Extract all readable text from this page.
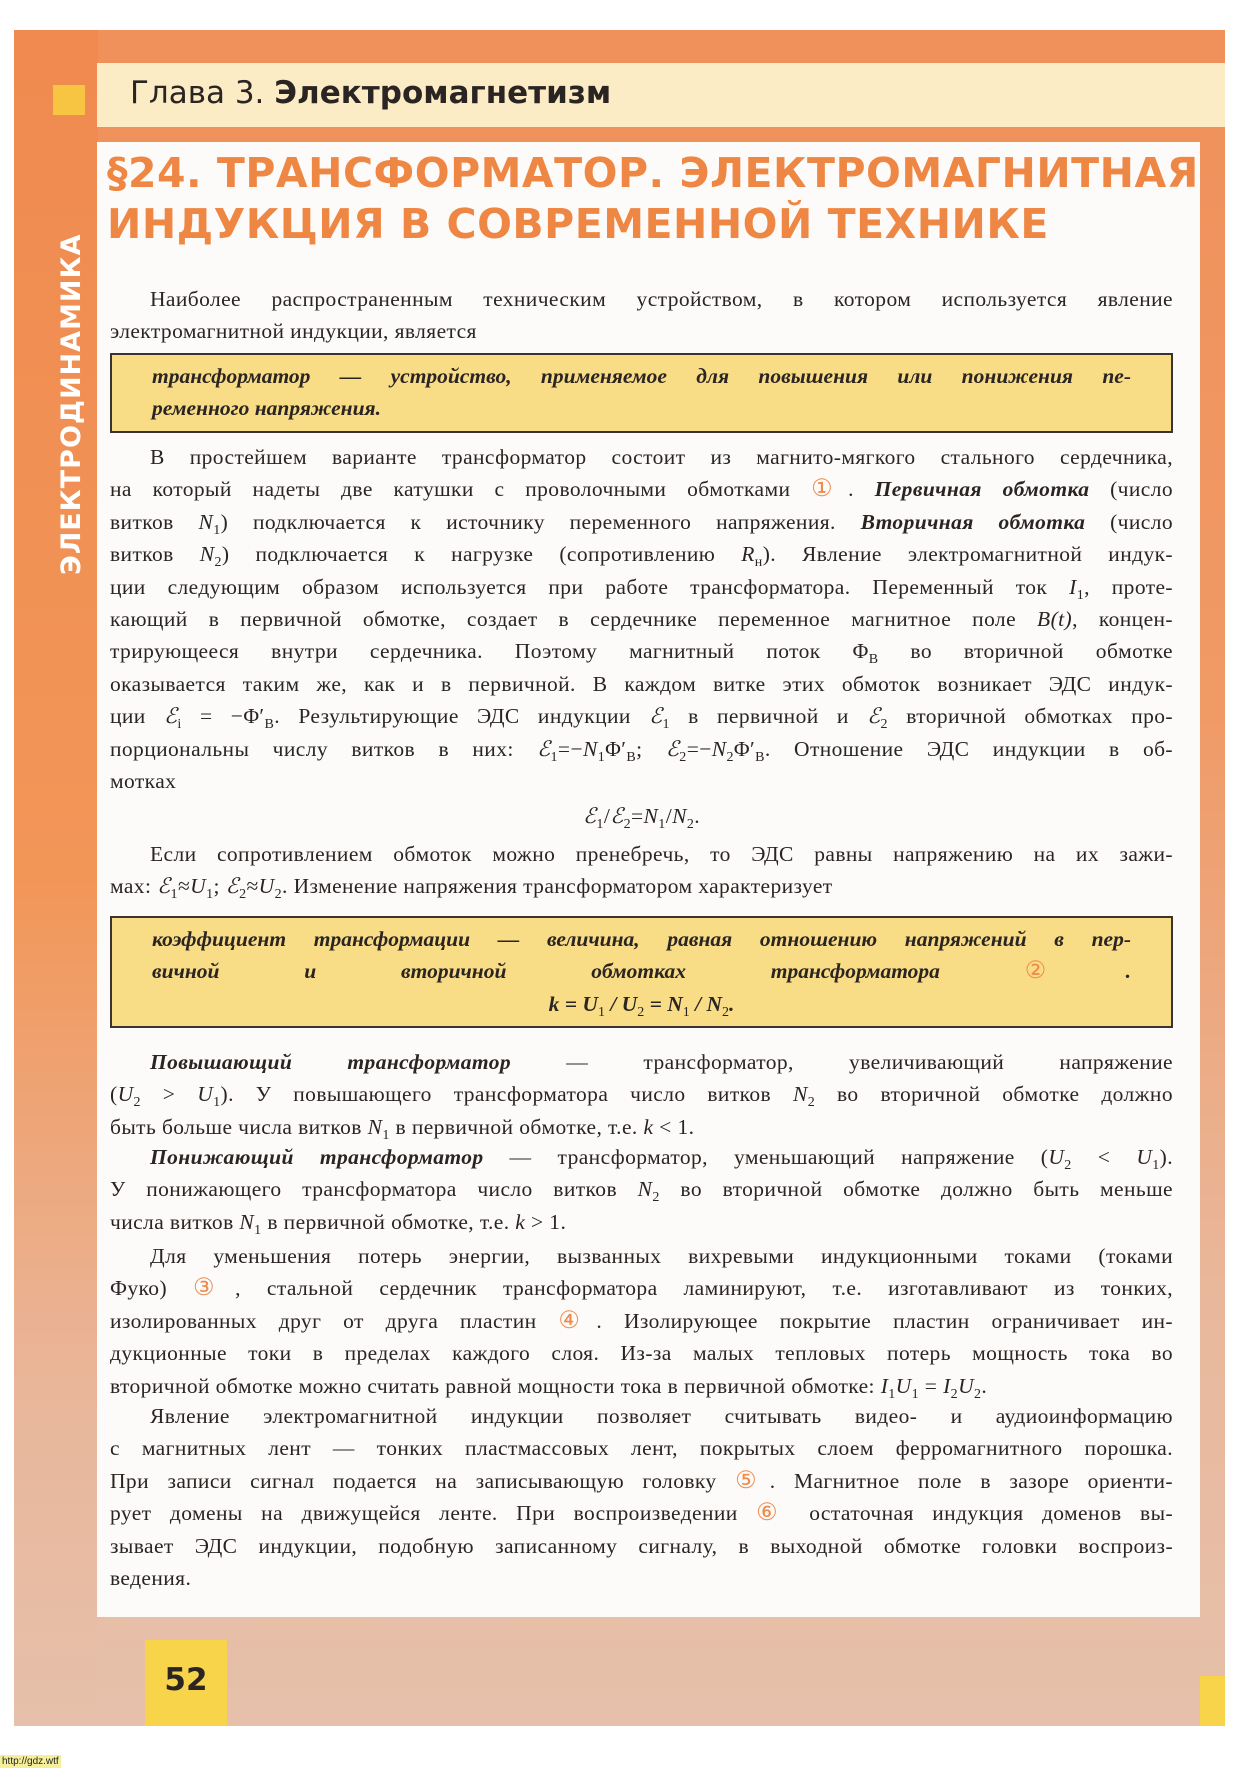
ЭЛЕКТРОДИНАМИКА
Глава 3. Электромагнетизм
§24. ТРАНСФОРМАТОР. ЭЛЕКТРОМАГНИТНАЯ
ИНДУКЦИЯ В СОВРЕМЕННОЙ ТЕХНИКЕ
Наиболее распространенным техническим устройством, в котором используется явление
электромагнитной индукции, является
трансформатор — устройство, применяемое для повышения или понижения пе-
ременного напряжения.
В простейшем варианте трансформатор состоит из магнито-мягкого стального сердечника,
на который надеты две катушки с проволочными обмотками ①. Первичная обмотка (число
витков $N_1$) подключается к источнику переменного напряжения. Вторичная обмотка (число
витков $N_2$) подключается к нагрузке (сопротивлению $R_н$). Явление электромагнитной индук-
ции следующим образом используется при работе трансформатора. Переменный ток $I_1$, проте-
кающий в первичной обмотке, создает в сердечнике переменное магнитное поле B(t), концен-
трирующееся внутри сердечника. Поэтому магнитный поток $\Phi_B$ во вторичной обмотке
оказывается таким же, как и в первичной. В каждом витке этих обмоток возникает ЭДС индук-
ции ℰ$_i$ = $-\Phi'_B$. Результирующие ЭДС индукции ℰ$_1$ в первичной и ℰ$_2$ вторичной обмотках про-
порциональны числу витков в них: $ℰ_1=-N_1\Phi'_B$; $ℰ_2=-N_2\Phi'_B$. Отношение ЭДС индукции в об-
мотках
$ℰ_1/ℰ_2=N_1/N_2$.
Если сопротивлением обмоток можно пренебречь, то ЭДС равны напряжению на их зажи-
мах: $ℰ_1\approx U_1$; $ℰ_2\approx U_2$. Изменение напряжения трансформатором характеризует
коэффициент трансформации — величина, равная отношению напряжений в пер-
вичной и вторичной обмотках трансформатора ②.
$k = U_1 / U_2 = N_1 / N_2$.
Повышающий трансформатор — трансформатор, увеличивающий напряжение
$(U_2 > U_1)$. У повышающего трансформатора число витков $N_2$ во вторичной обмотке должно
быть больше числа витков $N_1$ в первичной обмотке, т.е. k < 1.
Понижающий трансформатор — трансформатор, уменьшающий напряжение $(U_2 < U_1)$.
У понижающего трансформатора число витков $N_2$ во вторичной обмотке должно быть меньше
числа витков $N_1$ в первичной обмотке, т.е. k > 1.
Для уменьшения потерь энергии, вызванных вихревыми индукционными токами (токами
Фуко) ③, стальной сердечник трансформатора ламинируют, т.е. изготавливают из тонких,
изолированных друг от друга пластин ④. Изолирующее покрытие пластин ограничивает ин-
дукционные токи в пределах каждого слоя. Из-за малых тепловых потерь мощность тока во
вторичной обмотке можно считать равной мощности тока в первичной обмотке: $I_1U_1 = I_2U_2$.
Явление электромагнитной индукции позволяет считывать видео- и аудиоинформацию
с магнитных лент — тонких пластмассовых лент, покрытых слоем ферромагнитного порошка.
При записи сигнал подается на записывающую головку ⑤. Магнитное поле в зазоре ориенти-
рует домены на движущейся ленте. При воспроизведении ⑥ остаточная индукция доменов вы-
зывает ЭДС индукции, подобную записанному сигналу, в выходной обмотке головки воспроиз-
ведения.
52
http://gdz.wtf
